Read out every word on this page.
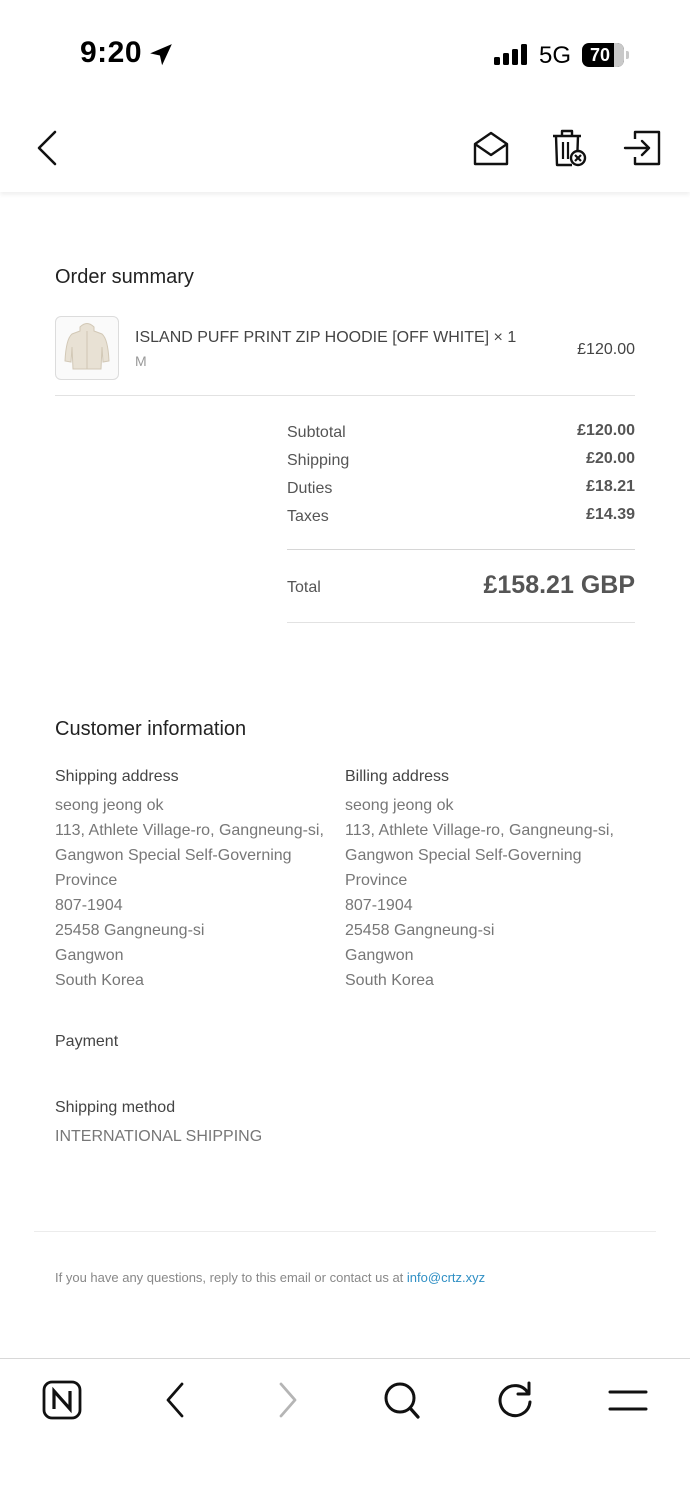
9:20	5G	70
Order summary
ISLAND PUFF PRINT ZIP HOODIE [OFF WHITE] × 1
M
£120.00
Subtotal	£120.00
Shipping	£20.00
Duties	£18.21
Taxes	£14.39
Total	£158.21 GBP
Customer information
Shipping address
seong jeong ok
113, Athlete Village-ro, Gangneung-si,
Gangwon Special Self-Governing
Province
807-1904
25458 Gangneung-si
Gangwon
South Korea
Billing address
seong jeong ok
113, Athlete Village-ro, Gangneung-si,
Gangwon Special Self-Governing
Province
807-1904
25458 Gangneung-si
Gangwon
South Korea
Payment
Shipping method
INTERNATIONAL SHIPPING
If you have any questions, reply to this email or contact us at info@crtz.xyz
